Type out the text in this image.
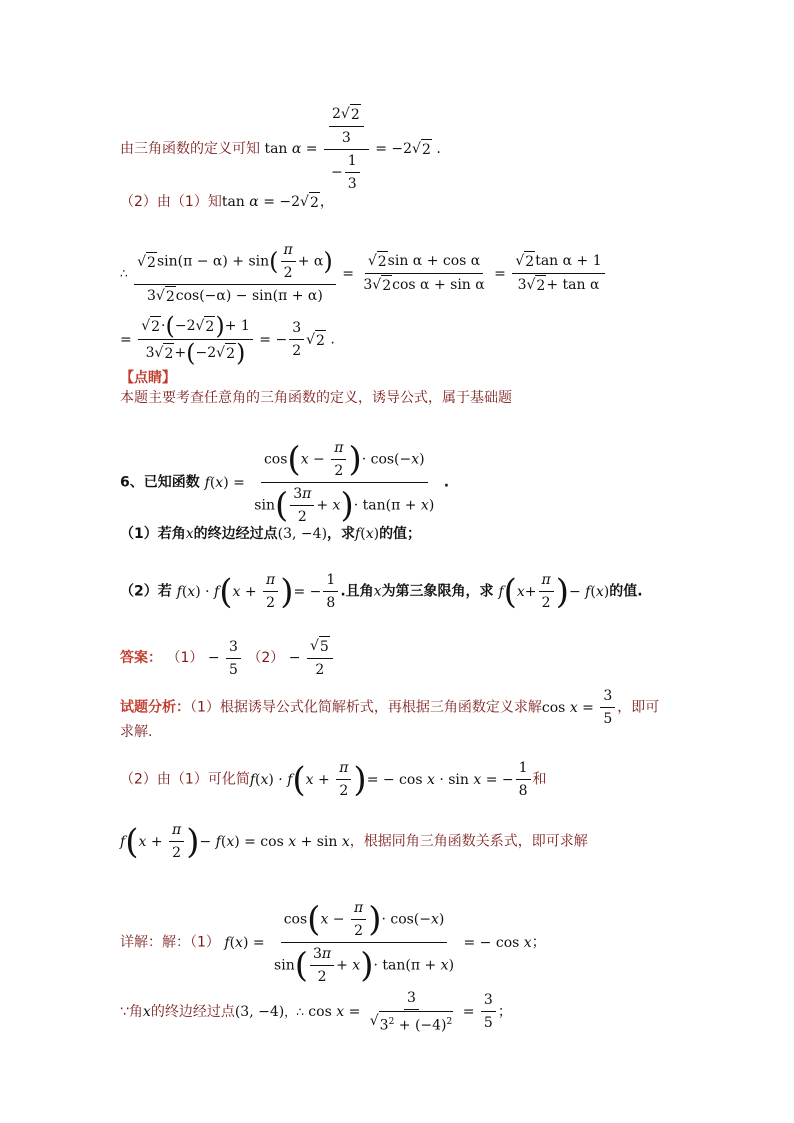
由三角函数的定义可知 $\tan \alpha = \frac{\frac{2 √ 2}{3}}{- \frac{1}{3}} = -2$ √ 2 .
（2）由（1）知tan α = −2 √ 2 ，
∴ $\frac{√ 2 \sin(\pi - \alpha) + \sin( \frac{\pi}{2} + \alpha)}{3 √ 2 \cos(-\alpha) - \sin(\pi + \alpha)} = \frac{\text{√ 2 sin α + cos α}}{\text{3 √ 2 cos α + sin α}} = \frac{\text{√ 2 tan α + 1}}{\text{3 √ 2 + tan α}}$
= $\frac{√ 2 \cdot(-2 √ 2 )+ 1}{3 √ 2 +(-2 √ 2 )}$ = − $\frac{3}{2}$ √ 2 .
【点睛】
本题主要考查任意角的三角函数的定义，诱导公式，属于基础题
6、已知函数 $f(x) = \frac{\cos(x - \frac{\pi}{2} )\cdot \cos(-x)}{\sin( \frac{3\pi}{2} + x)\cdot \tan(\pi + x)}$ .
（1）若角x的终边经过点(3, −4)，求f(x)的值；
（2）若 $f(x) \cdot f(x + \frac{\pi}{2}$ )= − $\frac{1}{8}$ .且角x为第三象限角，求 $f(x+ \frac{\pi}{2}$ )− f(x)的值.
答案： $(1) - \frac{3}{5} (2) - \frac{√ 5}{2}$
试题分析：（1）根据诱导公式化简解析式，再根据三角函数定义求解$\cos x = \frac{3}{5}$ ，即可
求解.
（2）由（1）可化简$f(x) \cdot f(x + \frac{\pi}{2}$ )= − cos x · sin x = − $\frac{1}{8}$ 和
$f(x + \frac{\pi}{2}$ )− f(x) = cos x + sin x，根据同角三角函数关系式，即可求解
详解：解：（1） $f(x) = \frac{\cos(x - \frac{\pi}{2} )\cdot \cos(-x)}{\sin( \frac{3\pi}{2} + x)\cdot \tan(\pi + x)}$ = − cos x；
∵角x的终边经过点(3, −4)，∴ $\cos x = \frac{3}{√ 3^2 + (-4)^2} = \frac{3}{5}$ ；
